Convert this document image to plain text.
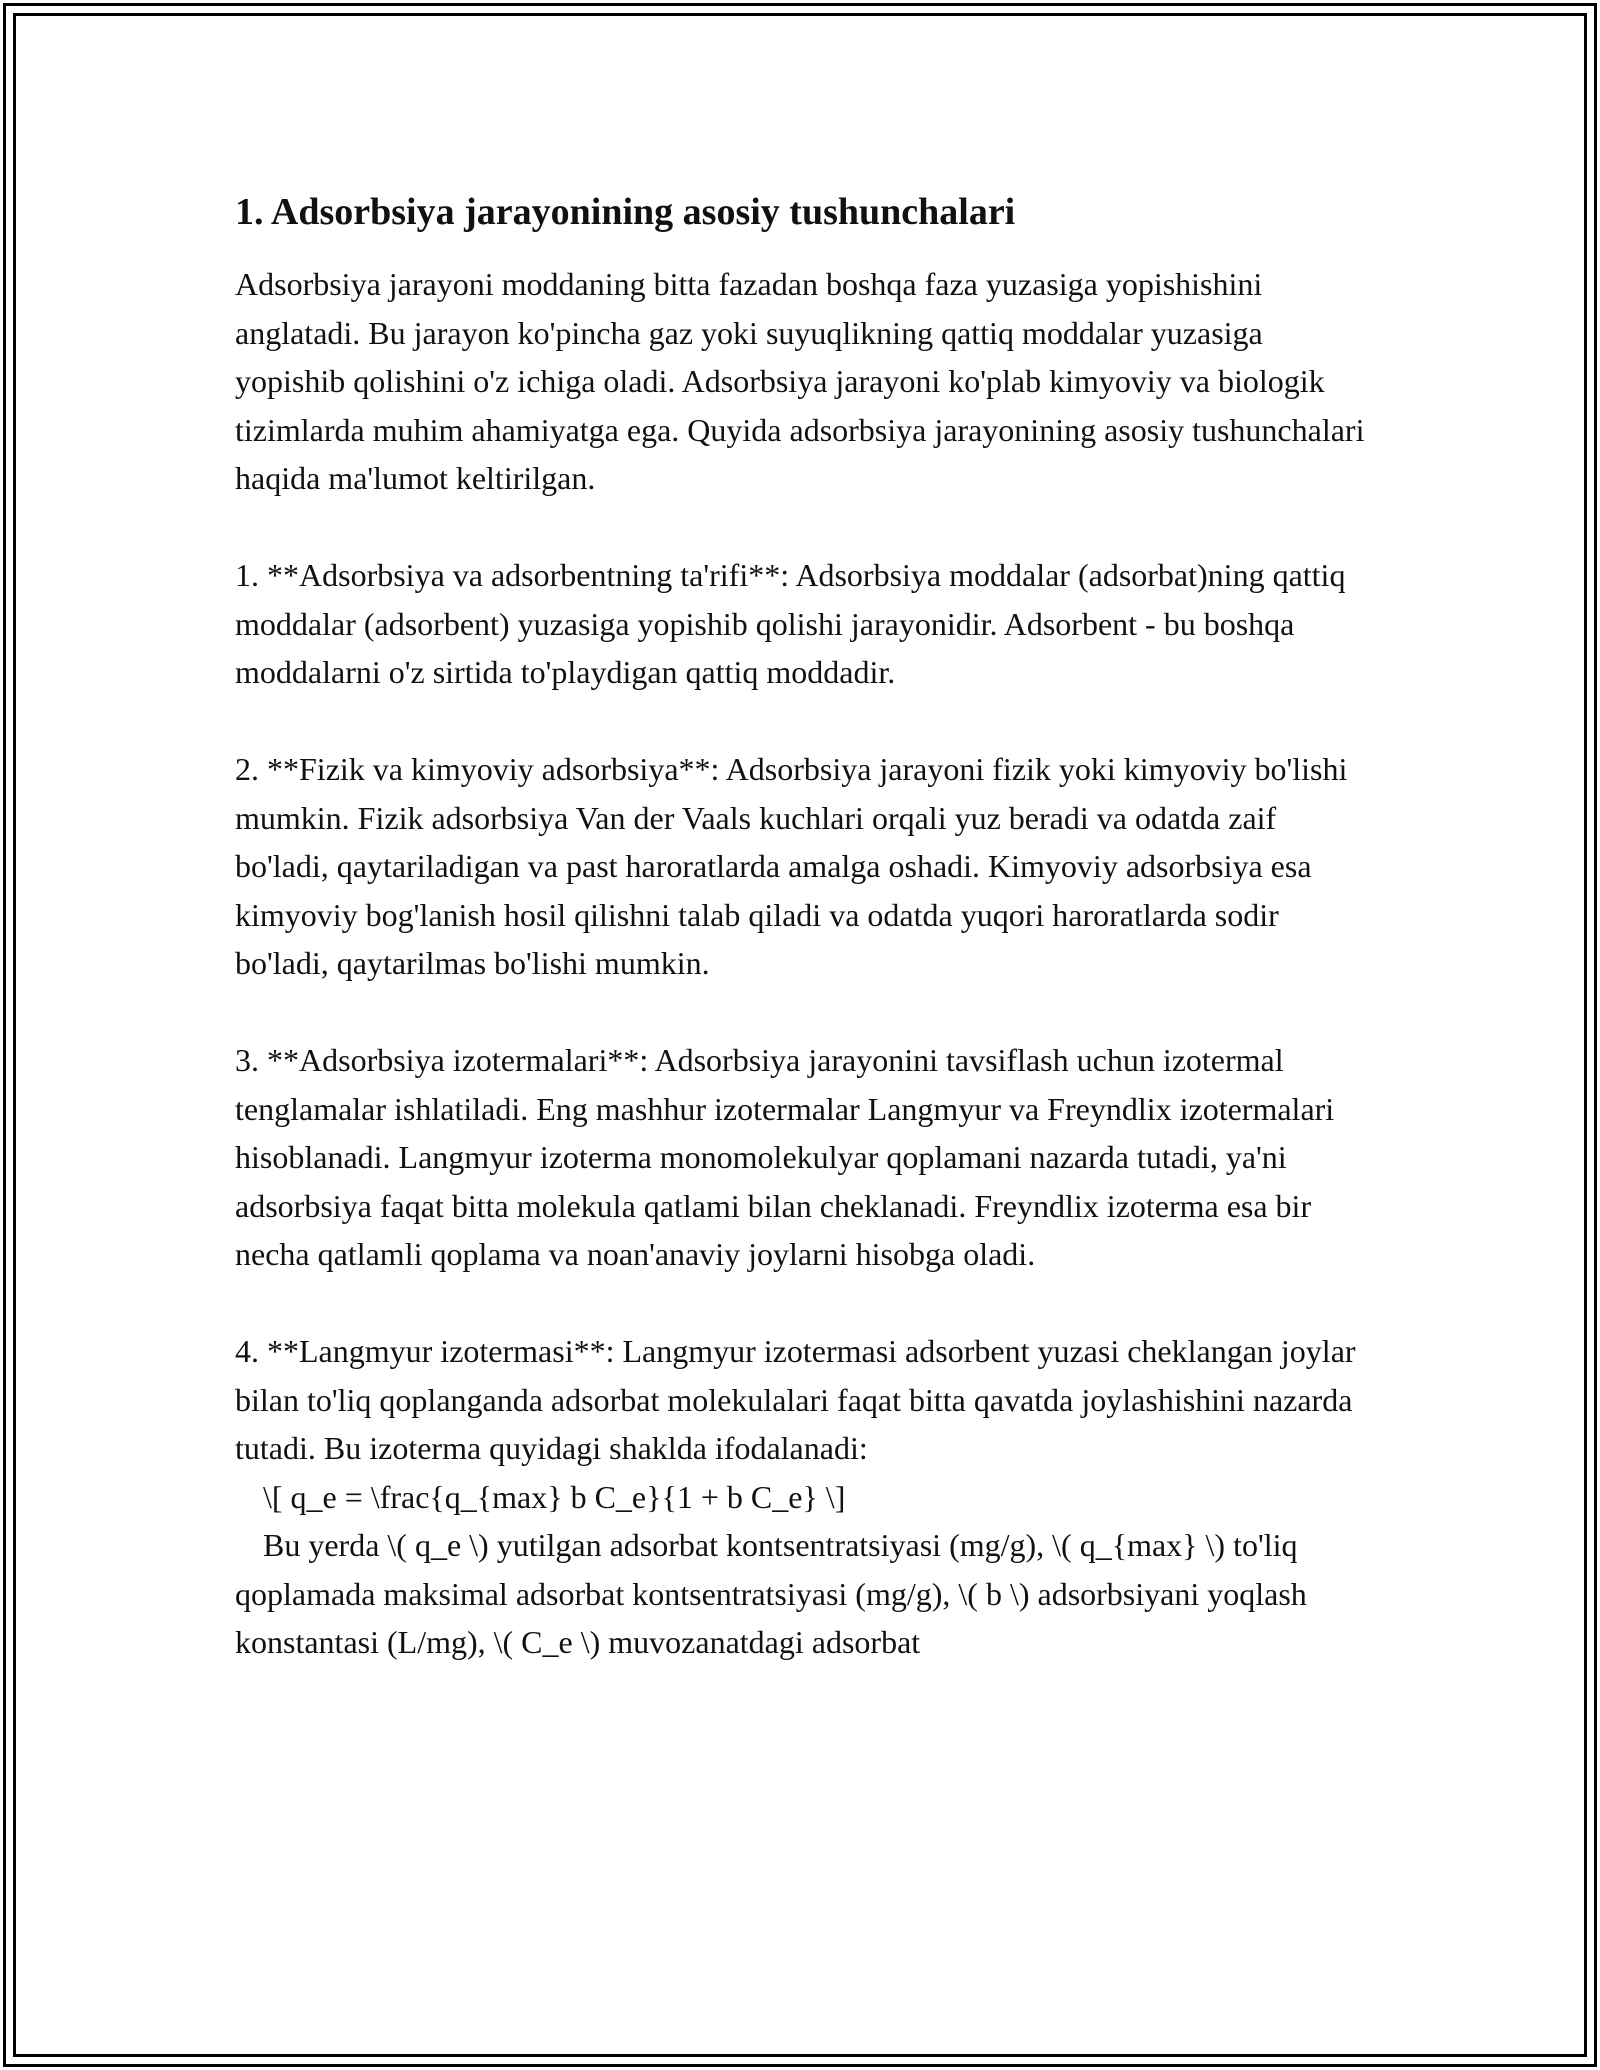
1. Adsorbsiya jarayonining asosiy tushunchalari

Adsorbsiya jarayoni moddaning bitta fazadan boshqa faza yuzasiga yopishishini anglatadi. Bu jarayon ko'pincha gaz yoki suyuqlikning qattiq moddalar yuzasiga yopishib qolishini o'z ichiga oladi. Adsorbsiya jarayoni ko'plab kimyoviy va biologik tizimlarda muhim ahamiyatga ega. Quyida adsorbsiya jarayonining asosiy tushunchalari haqida ma'lumot keltirilgan.

1. **Adsorbsiya va adsorbentning ta'rifi**: Adsorbsiya moddalar (adsorbat)ning qattiq moddalar (adsorbent) yuzasiga yopishib qolishi jarayonidir. Adsorbent - bu boshqa moddalarni o'z sirtida to'playdigan qattiq moddadir.

2. **Fizik va kimyoviy adsorbsiya**: Adsorbsiya jarayoni fizik yoki kimyoviy bo'lishi mumkin. Fizik adsorbsiya Van der Vaals kuchlari orqali yuz beradi va odatda zaif bo'ladi, qaytariladigan va past haroratlarda amalga oshadi. Kimyoviy adsorbsiya esa kimyoviy bog'lanish hosil qilishni talab qiladi va odatda yuqori haroratlarda sodir bo'ladi, qaytarilmas bo'lishi mumkin.

3. **Adsorbsiya izotermalari**: Adsorbsiya jarayonini tavsiflash uchun izotermal tenglamalar ishlatiladi. Eng mashhur izotermalar Langmyur va Freyndlix izotermalari hisoblanadi. Langmyur izoterma monomolekulyar qoplamani nazarda tutadi, ya'ni adsorbsiya faqat bitta molekula qatlami bilan cheklanadi. Freyndlix izoterma esa bir necha qatlamli qoplama va noan'anaviy joylarni hisobga oladi.

4. **Langmyur izotermasi**: Langmyur izotermasi adsorbent yuzasi cheklangan joylar bilan to'liq qoplanganda adsorbat molekulalari faqat bitta qavatda joylashishini nazarda tutadi. Bu izoterma quyidagi shaklda ifodalanadi:

\[ q_e = \frac{q_{max} b C_e}{1 + b C_e} \]

Bu yerda \( q_e \) yutilgan adsorbat kontsentratsiyasi (mg/g), \( q_{max} \) to'liq qoplamada maksimal adsorbat kontsentratsiyasi (mg/g), \( b \) adsorbsiyani yoqlash konstantasi (L/mg), \( C_e \) muvozanatdagi adsorbat
